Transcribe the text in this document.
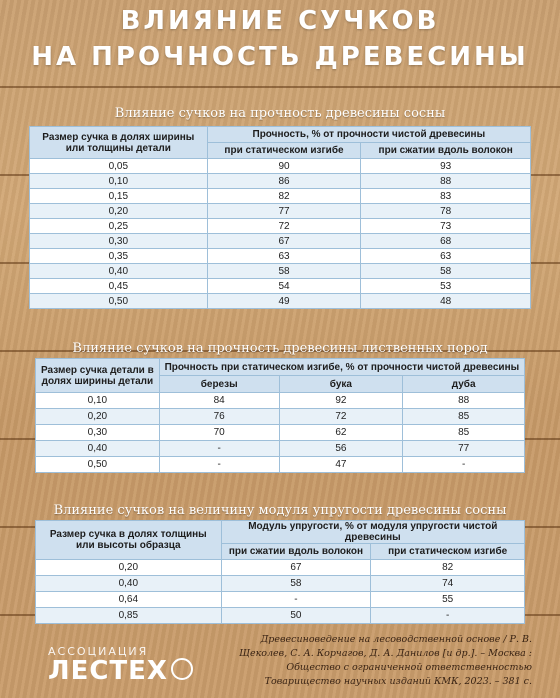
ВЛИЯНИЕ СУЧКОВ
НА ПРОЧНОСТЬ ДРЕВЕСИНЫ
Влияние сучков на прочность древесины сосны
Размер сучка в долях ширины или толщины детали	Прочность, % от прочности чистой древесины	
	при статическом изгибе	при сжатии вдоль волокон
0,05	90	93
0,10	86	88
0,15	82	83
0,20	77	78
0,25	72	73
0,30	67	68
0,35	63	63
0,40	58	58
0,45	54	53
0,50	49	48
Влияние сучков на прочность древесины лиственных пород
Размер сучка детали в долях ширины детали	Прочность при статическом изгибе, % от прочности чистой древесины		
	березы	бука	дуба
0,10	84	92	88
0,20	76	72	85
0,30	70	62	85
0,40	-	56	77
0,50	-	47	-
Влияние сучков на величину модуля упругости древесины сосны
Размер сучка в долях толщины или высоты образца	Модуль упругости, % от модуля упругости чистой древесины	
	при сжатии вдоль волокон	при статическом изгибе
0,20	67	82
0,40	58	74
0,64	-	55
0,85	50	-
АССОЦИАЦИЯ
ЛЕСТЕХ
Древесиноведение на лесоводственной основе / Р. В.
Щеколев, С. А. Корчагов, Д. А. Данилов [и др.]. – Москва :
Общество с ограниченной ответственностью
Товарищество научных изданий КМК, 2023. – 381 с.
